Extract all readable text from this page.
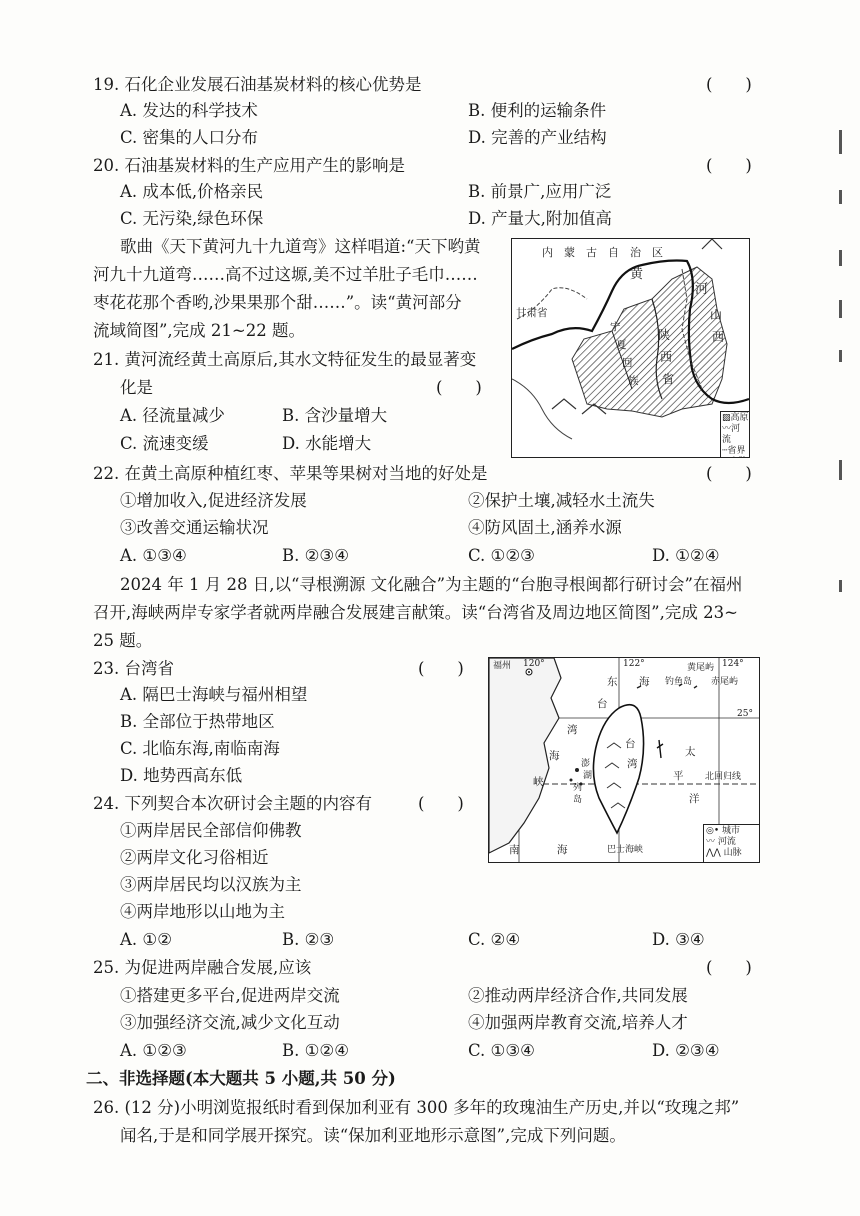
19. 石化企业发展石油基炭材料的核心优势是	(　　)
A. 发达的科学技术	B. 便利的运输条件
C. 密集的人口分布	D. 完善的产业结构
20. 石油基炭材料的生产应用产生的影响是	(　　)
A. 成本低,价格亲民	B. 前景广,应用广泛
C. 无污染,绿色环保	D. 产量大,附加值高
歌曲《天下黄河九十九道弯》这样唱道:“天下哟黄
河九十九道弯……高不过这塬,美不过羊肚子毛巾……
枣花花那个香哟,沙果果那个甜……”。读“黄河部分
流域简图”,完成 21~22 题。
21. 黄河流经黄土高原后,其水文特征发生的最显著变
化是	(　　)
A. 径流量减少	B. 含沙量增大
C. 流速变缓	D. 水能增大
内　蒙　古　自　治　区
甘肃省
黄
河
宁
夏
回
族
陕
西
省
山
西
▨高原
〰河流
┄省界
22. 在黄土高原种植红枣、苹果等果树对当地的好处是	(　　)
①增加收入,促进经济发展	②保护土壤,减轻水土流失
③改善交通运输状况	④防风固土,涵养水源
A. ①③④	B. ②③④	C. ①②③	D. ①②④
2024 年 1 月 28 日,以“寻根溯源 文化融合”为主题的“台胞寻根闽都行研讨会”在福州
召开,海峡两岸专家学者就两岸融合发展建言献策。读“台湾省及周边地区简图”,完成 23~
25 题。
23. 台湾省	(　　)
A. 隔巴士海峡与福州相望
B. 全部位于热带地区
C. 北临东海,南临南海
D. 地势西高东低
24. 下列契合本次研讨会主题的内容有	(　　)
①两岸居民全部信仰佛教
②两岸文化习俗相近
③两岸居民均以汉族为主
④两岸地形以山地为主
A. ①②	B. ②③	C. ②④	D. ③④
福州 120°	122°	124°
25°
黄尾屿
钓鱼岛 赤尾屿
东 海
台
湾
海
峡
澎
湖
列
岛
台
湾
太
平
洋
北回归线
南	海	巴士海峡
◎• 城市
〰 河流
⋀⋀ 山脉
25. 为促进两岸融合发展,应该	(　　)
①搭建更多平台,促进两岸交流	②推动两岸经济合作,共同发展
③加强经济交流,减少文化互动	④加强两岸教育交流,培养人才
A. ①②③	B. ①②④	C. ①③④	D. ②③④
二、非选择题(本大题共 5 小题,共 50 分)
26. (12 分)小明浏览报纸时看到保加利亚有 300 多年的玫瑰油生产历史,并以“玫瑰之邦”
闻名,于是和同学展开探究。读“保加利亚地形示意图”,完成下列问题。
